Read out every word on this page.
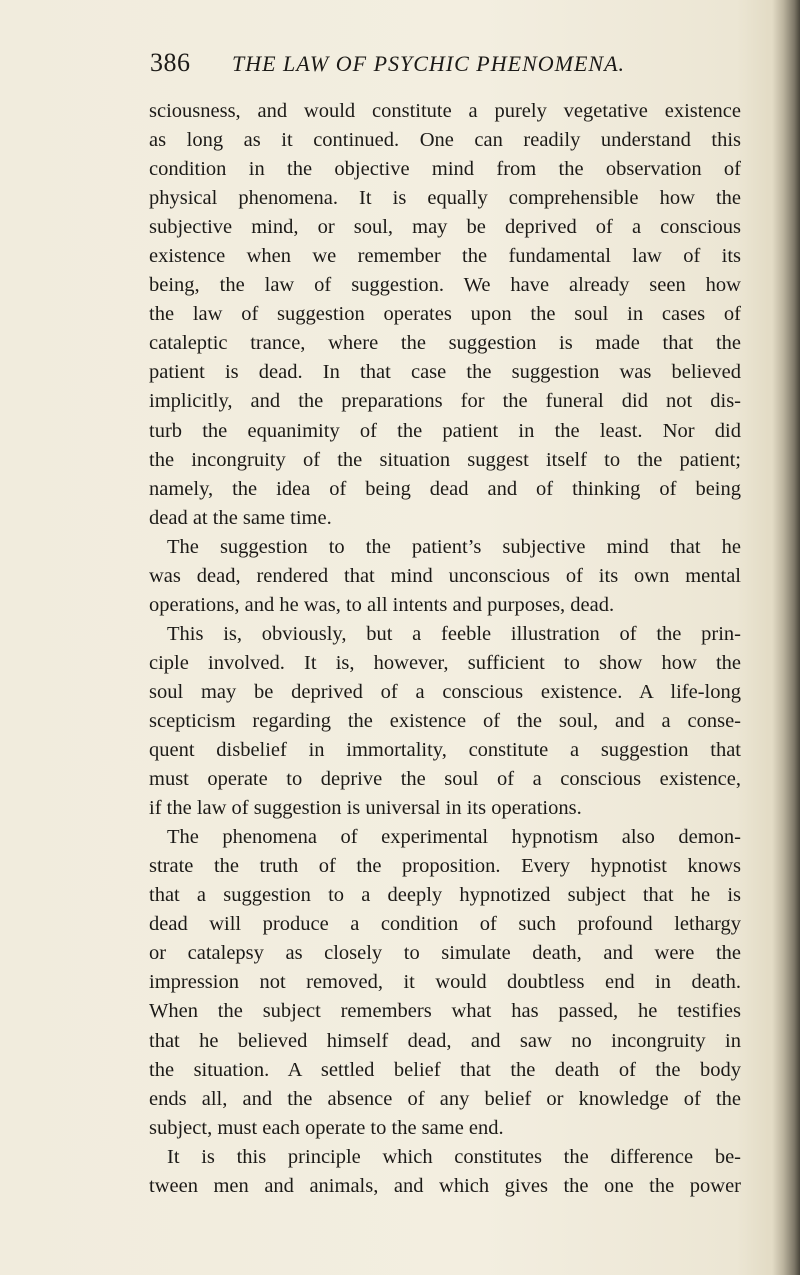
386	THE LAW OF PSYCHIC PHENOMENA.
sciousness, and would constitute a purely vegetative existence
as long as it continued. One can readily understand this
condition in the objective mind from the observation of
physical phenomena. It is equally comprehensible how the
subjective mind, or soul, may be deprived of a conscious
existence when we remember the fundamental law of its
being, the law of suggestion. We have already seen how
the law of suggestion operates upon the soul in cases of
cataleptic trance, where the suggestion is made that the
patient is dead. In that case the suggestion was believed
implicitly, and the preparations for the funeral did not dis-
turb the equanimity of the patient in the least. Nor did
the incongruity of the situation suggest itself to the patient;
namely, the idea of being dead and of thinking of being
dead at the same time.
The suggestion to the patient’s subjective mind that he
was dead, rendered that mind unconscious of its own mental
operations, and he was, to all intents and purposes, dead.
This is, obviously, but a feeble illustration of the prin-
ciple involved. It is, however, sufficient to show how the
soul may be deprived of a conscious existence. A life-long
scepticism regarding the existence of the soul, and a conse-
quent disbelief in immortality, constitute a suggestion that
must operate to deprive the soul of a conscious existence,
if the law of suggestion is universal in its operations.
The phenomena of experimental hypnotism also demon-
strate the truth of the proposition. Every hypnotist knows
that a suggestion to a deeply hypnotized subject that he is
dead will produce a condition of such profound lethargy
or catalepsy as closely to simulate death, and were the
impression not removed, it would doubtless end in death.
When the subject remembers what has passed, he testifies
that he believed himself dead, and saw no incongruity in
the situation. A settled belief that the death of the body
ends all, and the absence of any belief or knowledge of the
subject, must each operate to the same end.
It is this principle which constitutes the difference be-
tween men and animals, and which gives the one the power
